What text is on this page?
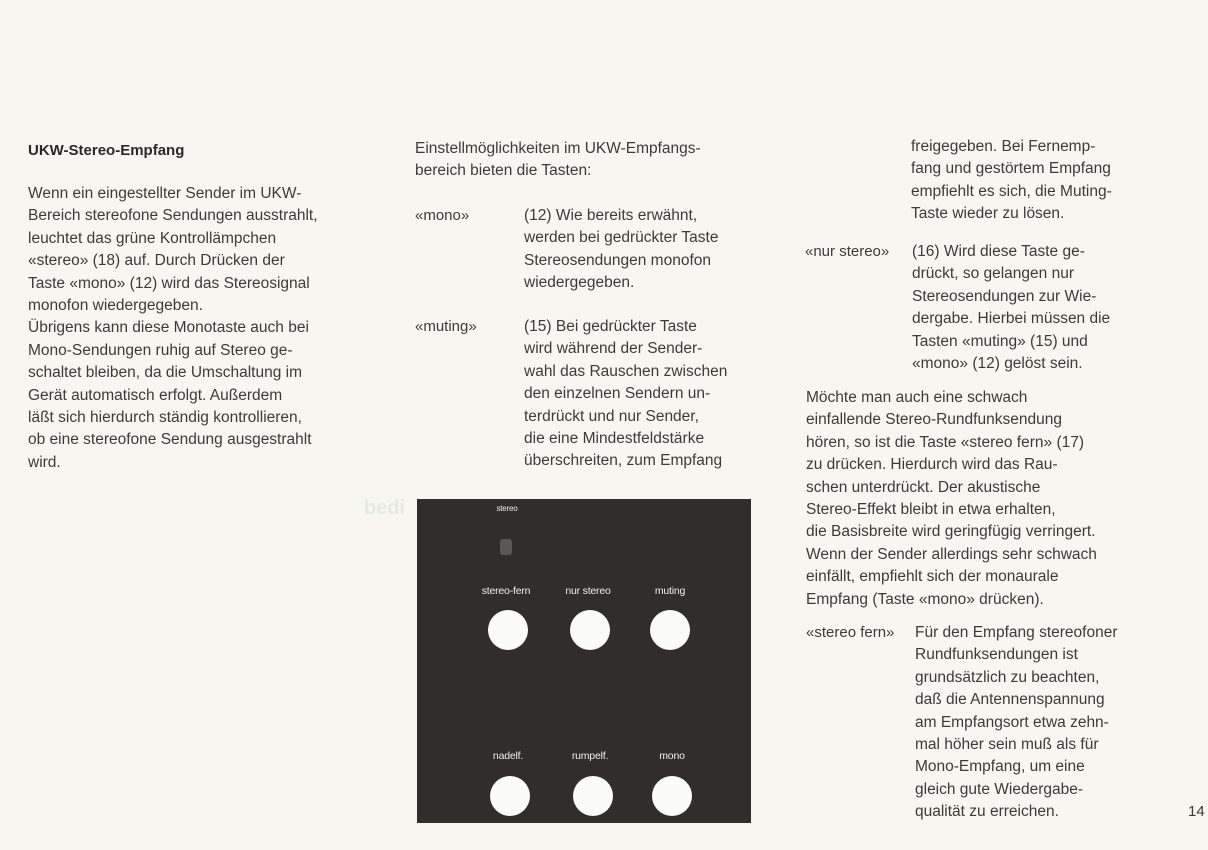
UKW-Stereo-Empfang
Wenn ein eingestellter Sender im UKW-
Bereich stereofone Sendungen ausstrahlt,
leuchtet das grüne Kontrollämpchen
«stereo» (18) auf. Durch Drücken der
Taste «mono» (12) wird das Stereosignal
monofon wiedergegeben.
Übrigens kann diese Monotaste auch bei
Mono-Sendungen ruhig auf Stereo ge-
schaltet bleiben, da die Umschaltung im
Gerät automatisch erfolgt. Außerdem
läßt sich hierdurch ständig kontrollieren,
ob eine stereofone Sendung ausgestrahlt
wird.
Einstellmöglichkeiten im UKW-Empfangs-
bereich bieten die Tasten:
«mono»	(12) Wie bereits erwähnt,
werden bei gedrückter Taste
Stereosendungen monofon
wiedergegeben.
«muting»	(15) Bei gedrückter Taste
wird während der Sender-
wahl das Rauschen zwischen
den einzelnen Sendern un-
terdrückt und nur Sender,
die eine Mindestfeldstärke
überschreiten, zum Empfang
bedi	stereo
stereo-fern	nur stereo	muting
nadelf.	rumpelf.	mono
freigegeben. Bei Fernemp-
fang und gestörtem Empfang
empfiehlt es sich, die Muting-
Taste wieder zu lösen.
«nur stereo» (16) Wird diese Taste ge-
drückt, so gelangen nur
Stereosendungen zur Wie-
dergabe. Hierbei müssen die
Tasten «muting» (15) und
«mono» (12) gelöst sein.
Möchte man auch eine schwach
einfallende Stereo-Rundfunksendung
hören, so ist die Taste «stereo fern» (17)
zu drücken. Hierdurch wird das Rau-
schen unterdrückt. Der akustische
Stereo-Effekt bleibt in etwa erhalten,
die Basisbreite wird geringfügig verringert.
Wenn der Sender allerdings sehr schwach
einfällt, empfiehlt sich der monaurale
Empfang (Taste «mono» drücken).
«stereo fern» Für den Empfang stereofoner
Rundfunksendungen ist
grundsätzlich zu beachten,
daß die Antennenspannung
am Empfangsort etwa zehn-
mal höher sein muß als für
Mono-Empfang, um eine
gleich gute Wiedergabe-
qualität zu erreichen.	14
